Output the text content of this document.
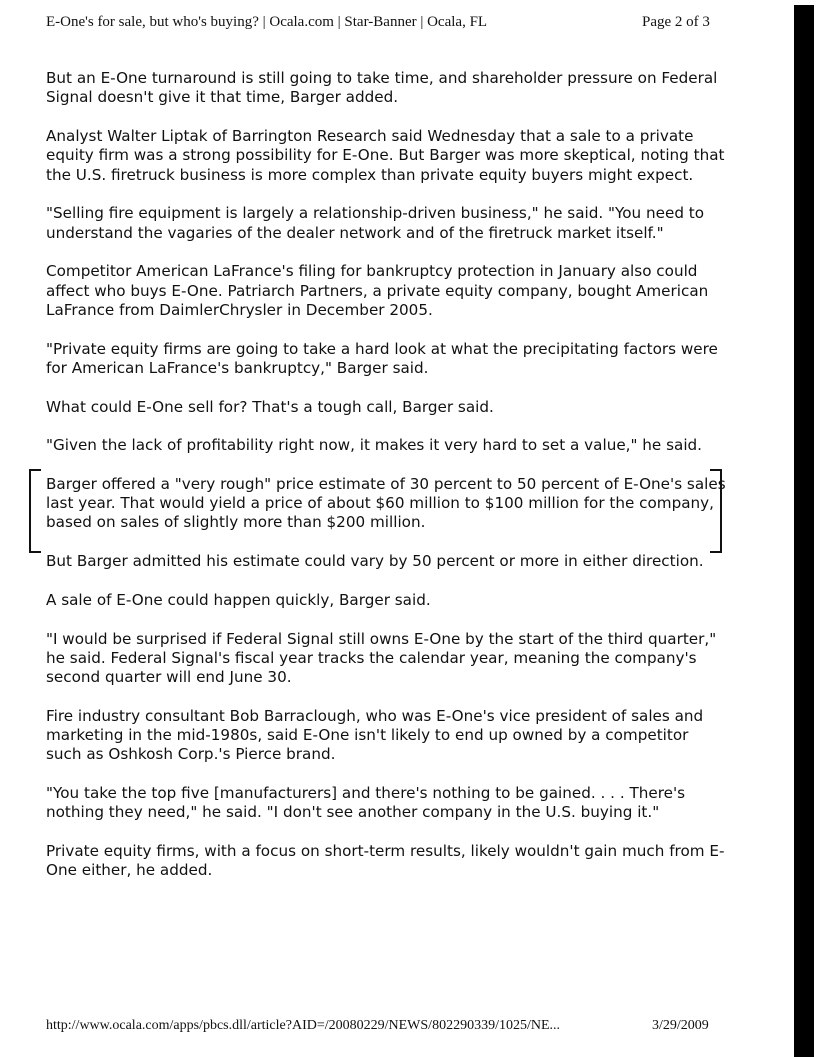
E-One's for sale, but who's buying? | Ocala.com | Star-Banner | Ocala, FL	Page 2 of 3

But an E-One turnaround is still going to take time, and shareholder pressure on Federal Signal doesn't give it that time, Barger added.

Analyst Walter Liptak of Barrington Research said Wednesday that a sale to a private equity firm was a strong possibility for E-One. But Barger was more skeptical, noting that the U.S. firetruck business is more complex than private equity buyers might expect.

"Selling fire equipment is largely a relationship-driven business," he said. "You need to understand the vagaries of the dealer network and of the firetruck market itself."

Competitor American LaFrance's filing for bankruptcy protection in January also could affect who buys E-One. Patriarch Partners, a private equity company, bought American LaFrance from DaimlerChrysler in December 2005.

"Private equity firms are going to take a hard look at what the precipitating factors were for American LaFrance's bankruptcy," Barger said.

What could E-One sell for? That's a tough call, Barger said.

"Given the lack of profitability right now, it makes it very hard to set a value," he said.

Barger offered a "very rough" price estimate of 30 percent to 50 percent of E-One's sales last year. That would yield a price of about $60 million to $100 million for the company, based on sales of slightly more than $200 million.

But Barger admitted his estimate could vary by 50 percent or more in either direction.

A sale of E-One could happen quickly, Barger said.

"I would be surprised if Federal Signal still owns E-One by the start of the third quarter," he said. Federal Signal's fiscal year tracks the calendar year, meaning the company's second quarter will end June 30.

Fire industry consultant Bob Barraclough, who was E-One's vice president of sales and marketing in the mid-1980s, said E-One isn't likely to end up owned by a competitor such as Oshkosh Corp.'s Pierce brand.

"You take the top five [manufacturers] and there's nothing to be gained. . . . There's nothing they need," he said. "I don't see another company in the U.S. buying it."

Private equity firms, with a focus on short-term results, likely wouldn't gain much from E-One either, he added.

http://www.ocala.com/apps/pbcs.dll/article?AID=/20080229/NEWS/802290339/1025/NE...	3/29/2009
